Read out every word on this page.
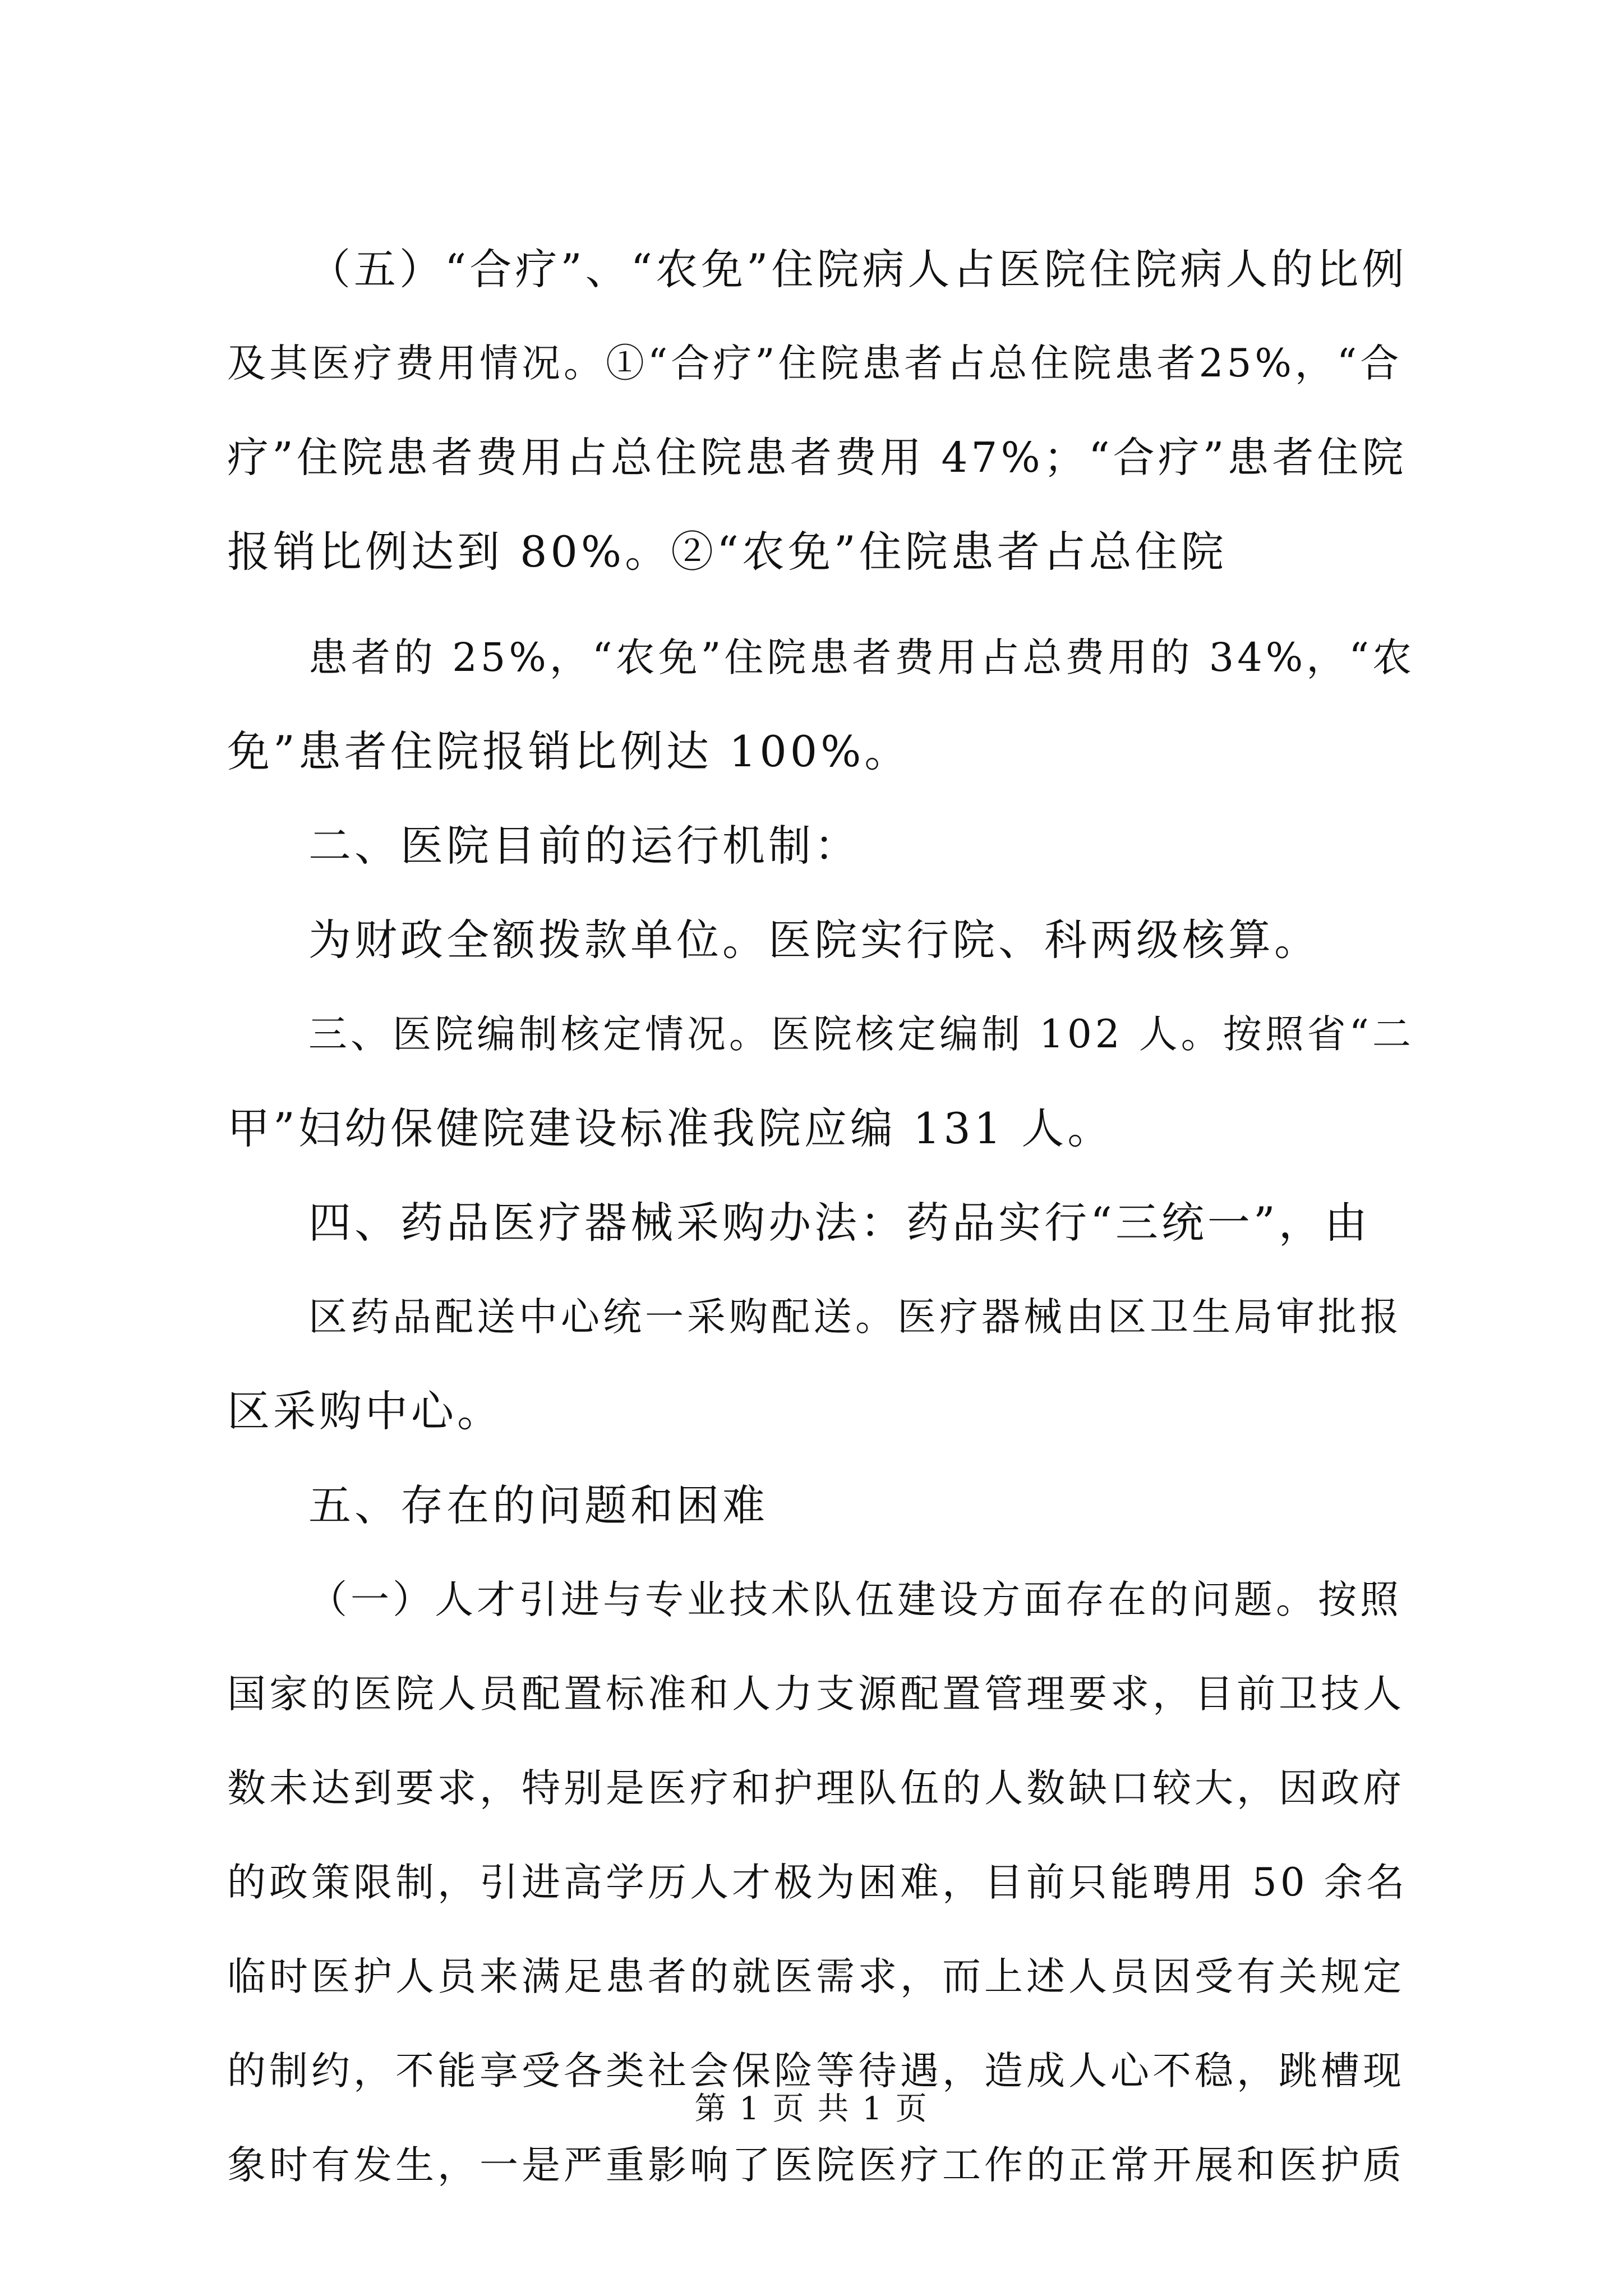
（五）“合疗”、“农免”住院病人占医院住院病人的比例
及其医疗费用情况。①“合疗”住院患者占总住院患者25%，“合
疗”住院患者费用占总住院患者费用 47%；“合疗”患者住院
报销比例达到 80%。②“农免”住院患者占总住院
患者的 25%，“农免”住院患者费用占总费用的 34%，“农
免”患者住院报销比例达 100%。
二、医院目前的运行机制：
为财政全额拨款单位。医院实行院、科两级核算。
三、医院编制核定情况。医院核定编制 102 人。按照省“二
甲”妇幼保健院建设标准我院应编 131 人。
四、药品医疗器械采购办法：药品实行“三统一”，由
区药品配送中心统一采购配送。医疗器械由区卫生局审批报
区采购中心。
五、存在的问题和困难
（一）人才引进与专业技术队伍建设方面存在的问题。按照
国家的医院人员配置标准和人力支源配置管理要求，目前卫技人
数未达到要求，特别是医疗和护理队伍的人数缺口较大，因政府
的政策限制，引进高学历人才极为困难，目前只能聘用 50 余名
临时医护人员来满足患者的就医需求，而上述人员因受有关规定
的制约，不能享受各类社会保险等待遇，造成人心不稳，跳槽现
象时有发生，一是严重影响了医院医疗工作的正常开展和医护质
第 1 页 共 1 页
